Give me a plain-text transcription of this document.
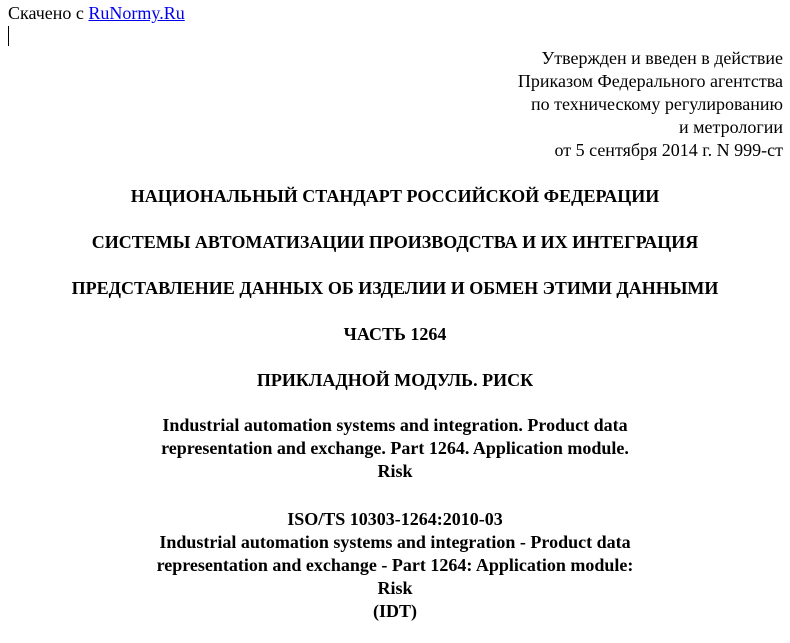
Скачено с RuNormy.Ru
Утвержден и введен в действие
Приказом Федерального агентства
по техническому регулированию
и метрологии
от 5 сентября 2014 г. N 999-ст
НАЦИОНАЛЬНЫЙ СТАНДАРТ РОССИЙСКОЙ ФЕДЕРАЦИИ
СИСТЕМЫ АВТОМАТИЗАЦИИ ПРОИЗВОДСТВА И ИХ ИНТЕГРАЦИЯ
ПРЕДСТАВЛЕНИЕ ДАННЫХ ОБ ИЗДЕЛИИ И ОБМЕН ЭТИМИ ДАННЫМИ
ЧАСТЬ 1264
ПРИКЛАДНОЙ МОДУЛЬ. РИСК
Industrial automation systems and integration. Product data
representation and exchange. Part 1264. Application module.
Risk
ISO/TS 10303-1264:2010-03
Industrial automation systems and integration - Product data
representation and exchange - Part 1264: Application module:
Risk
(IDT)
